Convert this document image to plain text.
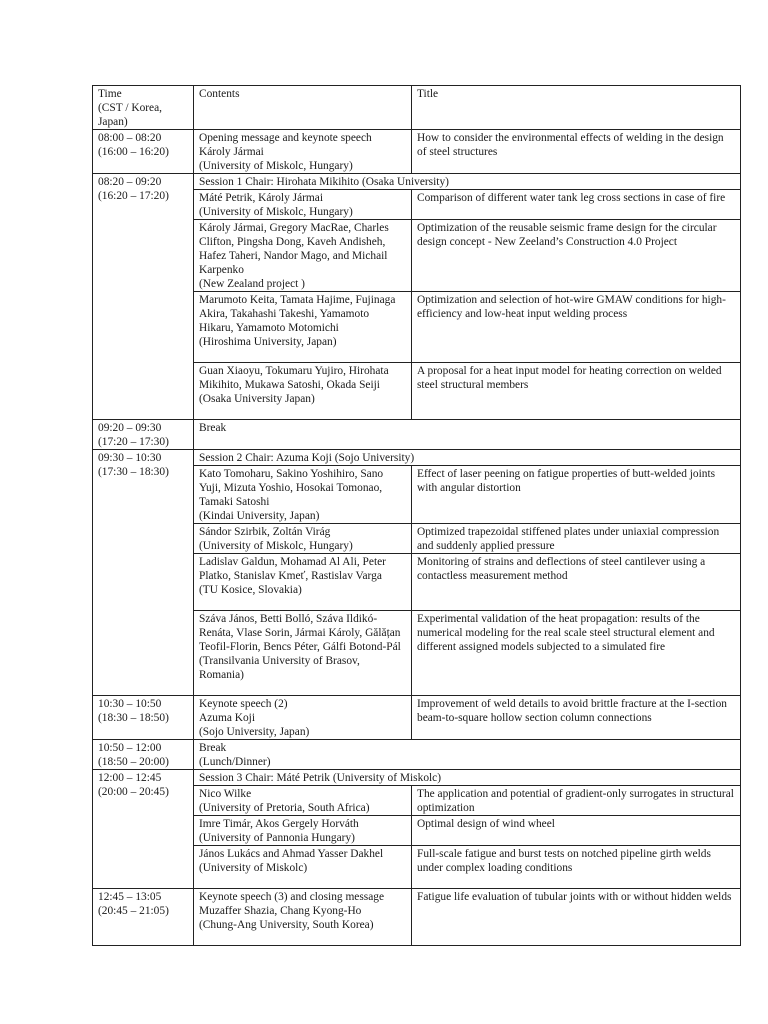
Time
(CST / Korea,
Japan)	Contents	Title
08:00 – 08:20
(16:00 – 16:20)	Opening message and keynote speech
Károly Jármai
(University of Miskolc, Hungary)	How to consider the environmental effects of welding in the design of steel structures
08:20 – 09:20
(16:20 – 17:20)	Session 1 Chair: Hirohata Mikihito (Osaka University)	

	Máté Petrik, Károly Jármai
(University of Miskolc, Hungary)	Comparison of different water tank leg cross sections in case of fire

	Károly Jármai, Gregory MacRae, Charles Clifton, Pingsha Dong, Kaveh Andisheh, Hafez Taheri, Nandor Mago, and Michail Karpenko
(New Zealand project )	Optimization of the reusable seismic frame design for the circular design concept - New Zeeland’s Construction 4.0 Project

	Marumoto Keita, Tamata Hajime, Fujinaga Akira, Takahashi Takeshi, Yamamoto Hikaru, Yamamoto Motomichi
(Hiroshima University, Japan)	Optimization and selection of hot-wire GMAW conditions for high-efficiency and low-heat input welding process

	Guan Xiaoyu, Tokumaru Yujiro, Hirohata Mikihito, Mukawa Satoshi, Okada Seiji
(Osaka University Japan)	A proposal for a heat input model for heating correction on welded steel structural members
09:20 – 09:30
(17:20 – 17:30)	Break	
09:30 – 10:30
(17:30 – 18:30)	Session 2 Chair: Azuma Koji (Sojo University)	

	Kato Tomoharu, Sakino Yoshihiro, Sano Yuji, Mizuta Yoshio, Hosokai Tomonao, Tamaki Satoshi
(Kindai University, Japan)	Effect of laser peening on fatigue properties of butt-welded joints with angular distortion

	Sándor Szirbik, Zoltán Virág
(University of Miskolc, Hungary)	Optimized trapezoidal stiffened plates under uniaxial compression and suddenly applied pressure

	Ladislav Galdun, Mohamad Al Ali, Peter Platko, Stanislav Kmeť, Rastislav Varga
(TU Kosice, Slovakia)	Monitoring of strains and deflections of steel cantilever using a contactless measurement method

	Száva János, Betti Bolló, Száva Ildikó-Renáta, Vlase Sorin, Jármai Károly, Gălățan Teofil-Florin, Bencs Péter, Gálfi Botond-Pál
(Transilvania University of Brasov, Romania)	Experimental validation of the heat propagation: results of the numerical modeling for the real scale steel structural element and different assigned models subjected to a simulated fire
10:30 – 10:50
(18:30 – 18:50)	Keynote speech (2)
Azuma Koji
(Sojo University, Japan)	Improvement of weld details to avoid brittle fracture at the I-section beam-to-square hollow section column connections
10:50 – 12:00
(18:50 – 20:00)	Break
(Lunch/Dinner)	

12:00 – 12:45
(20:00 – 20:45)	Session 3 Chair: Máté Petrik (University of Miskolc)	

	Nico Wilke
(University of Pretoria, South Africa)	The application and potential of gradient-only surrogates in structural optimization

	Imre Timár, Akos Gergely Horváth
(University of Pannonia Hungary)	Optimal design of wind wheel

	János Lukács and Ahmad Yasser Dakhel
(University of Miskolc)	Full-scale fatigue and burst tests on notched pipeline girth welds under complex loading conditions
12:45 – 13:05
(20:45 – 21:05)	Keynote speech (3) and closing message
Muzaffer Shazia, Chang Kyong-Ho
(Chung-Ang University, South Korea)	Fatigue life evaluation of tubular joints with or without hidden welds
